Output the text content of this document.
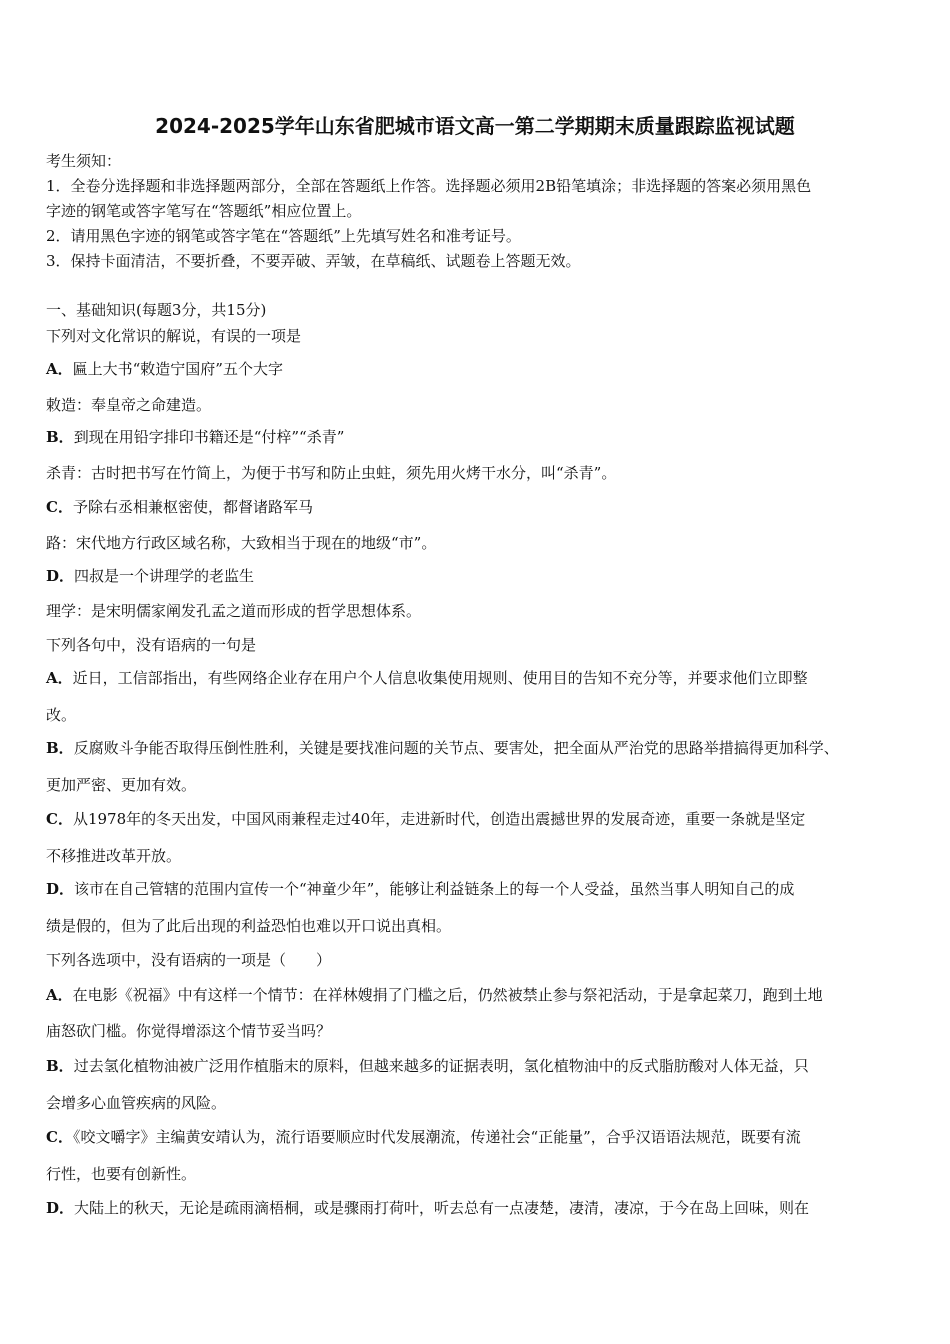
2024-2025学年山东省肥城市语文高一第二学期期末质量跟踪监视试题
考生须知：
1．全卷分选择题和非选择题两部分，全部在答题纸上作答。选择题必须用2B铅笔填涂；非选择题的答案必须用黑色
字迹的钢笔或答字笔写在“答题纸”相应位置上。
2．请用黑色字迹的钢笔或答字笔在“答题纸”上先填写姓名和准考证号。
3．保持卡面清洁，不要折叠，不要弄破、弄皱，在草稿纸、试题卷上答题无效。
一、基础知识(每题3分，共15分)
下列对文化常识的解说，有误的一项是
A．匾上大书“敕造宁国府”五个大字
敕造：奉皇帝之命建造。
B．到现在用铅字排印书籍还是“付梓”“杀青”
杀青：古时把书写在竹简上，为便于书写和防止虫蛀，须先用火烤干水分，叫“杀青”。
C．予除右丞相兼枢密使，都督诸路军马
路：宋代地方行政区域名称，大致相当于现在的地级“市”。
D．四叔是一个讲理学的老监生
理学：是宋明儒家阐发孔孟之道而形成的哲学思想体系。
下列各句中，没有语病的一句是
A．近日，工信部指出，有些网络企业存在用户个人信息收集使用规则、使用目的告知不充分等，并要求他们立即整
改。
B．反腐败斗争能否取得压倒性胜利，关键是要找准问题的关节点、要害处，把全面从严治党的思路举措搞得更加科学、
更加严密、更加有效。
C．从1978年的冬天出发，中国风雨兼程走过40年，走进新时代，创造出震撼世界的发展奇迹，重要一条就是坚定
不移推进改革开放。
D．该市在自己管辖的范围内宣传一个“神童少年”，能够让利益链条上的每一个人受益，虽然当事人明知自己的成
绩是假的，但为了此后出现的利益恐怕也难以开口说出真相。
下列各选项中，没有语病的一项是（　　）
A．在电影《祝福》中有这样一个情节：在祥林嫂捐了门槛之后，仍然被禁止参与祭祀活动，于是拿起菜刀，跑到土地
庙怒砍门槛。你觉得增添这个情节妥当吗？
B．过去氢化植物油被广泛用作植脂末的原料，但越来越多的证据表明，氢化植物油中的反式脂肪酸对人体无益，只
会增多心血管疾病的风险。
C．《咬文嚼字》主编黄安靖认为，流行语要顺应时代发展潮流，传递社会“正能量”，合乎汉语语法规范，既要有流
行性，也要有创新性。
D．大陆上的秋天，无论是疏雨滴梧桐，或是骤雨打荷叶，听去总有一点凄楚，凄清，凄凉，于今在岛上回味，则在
